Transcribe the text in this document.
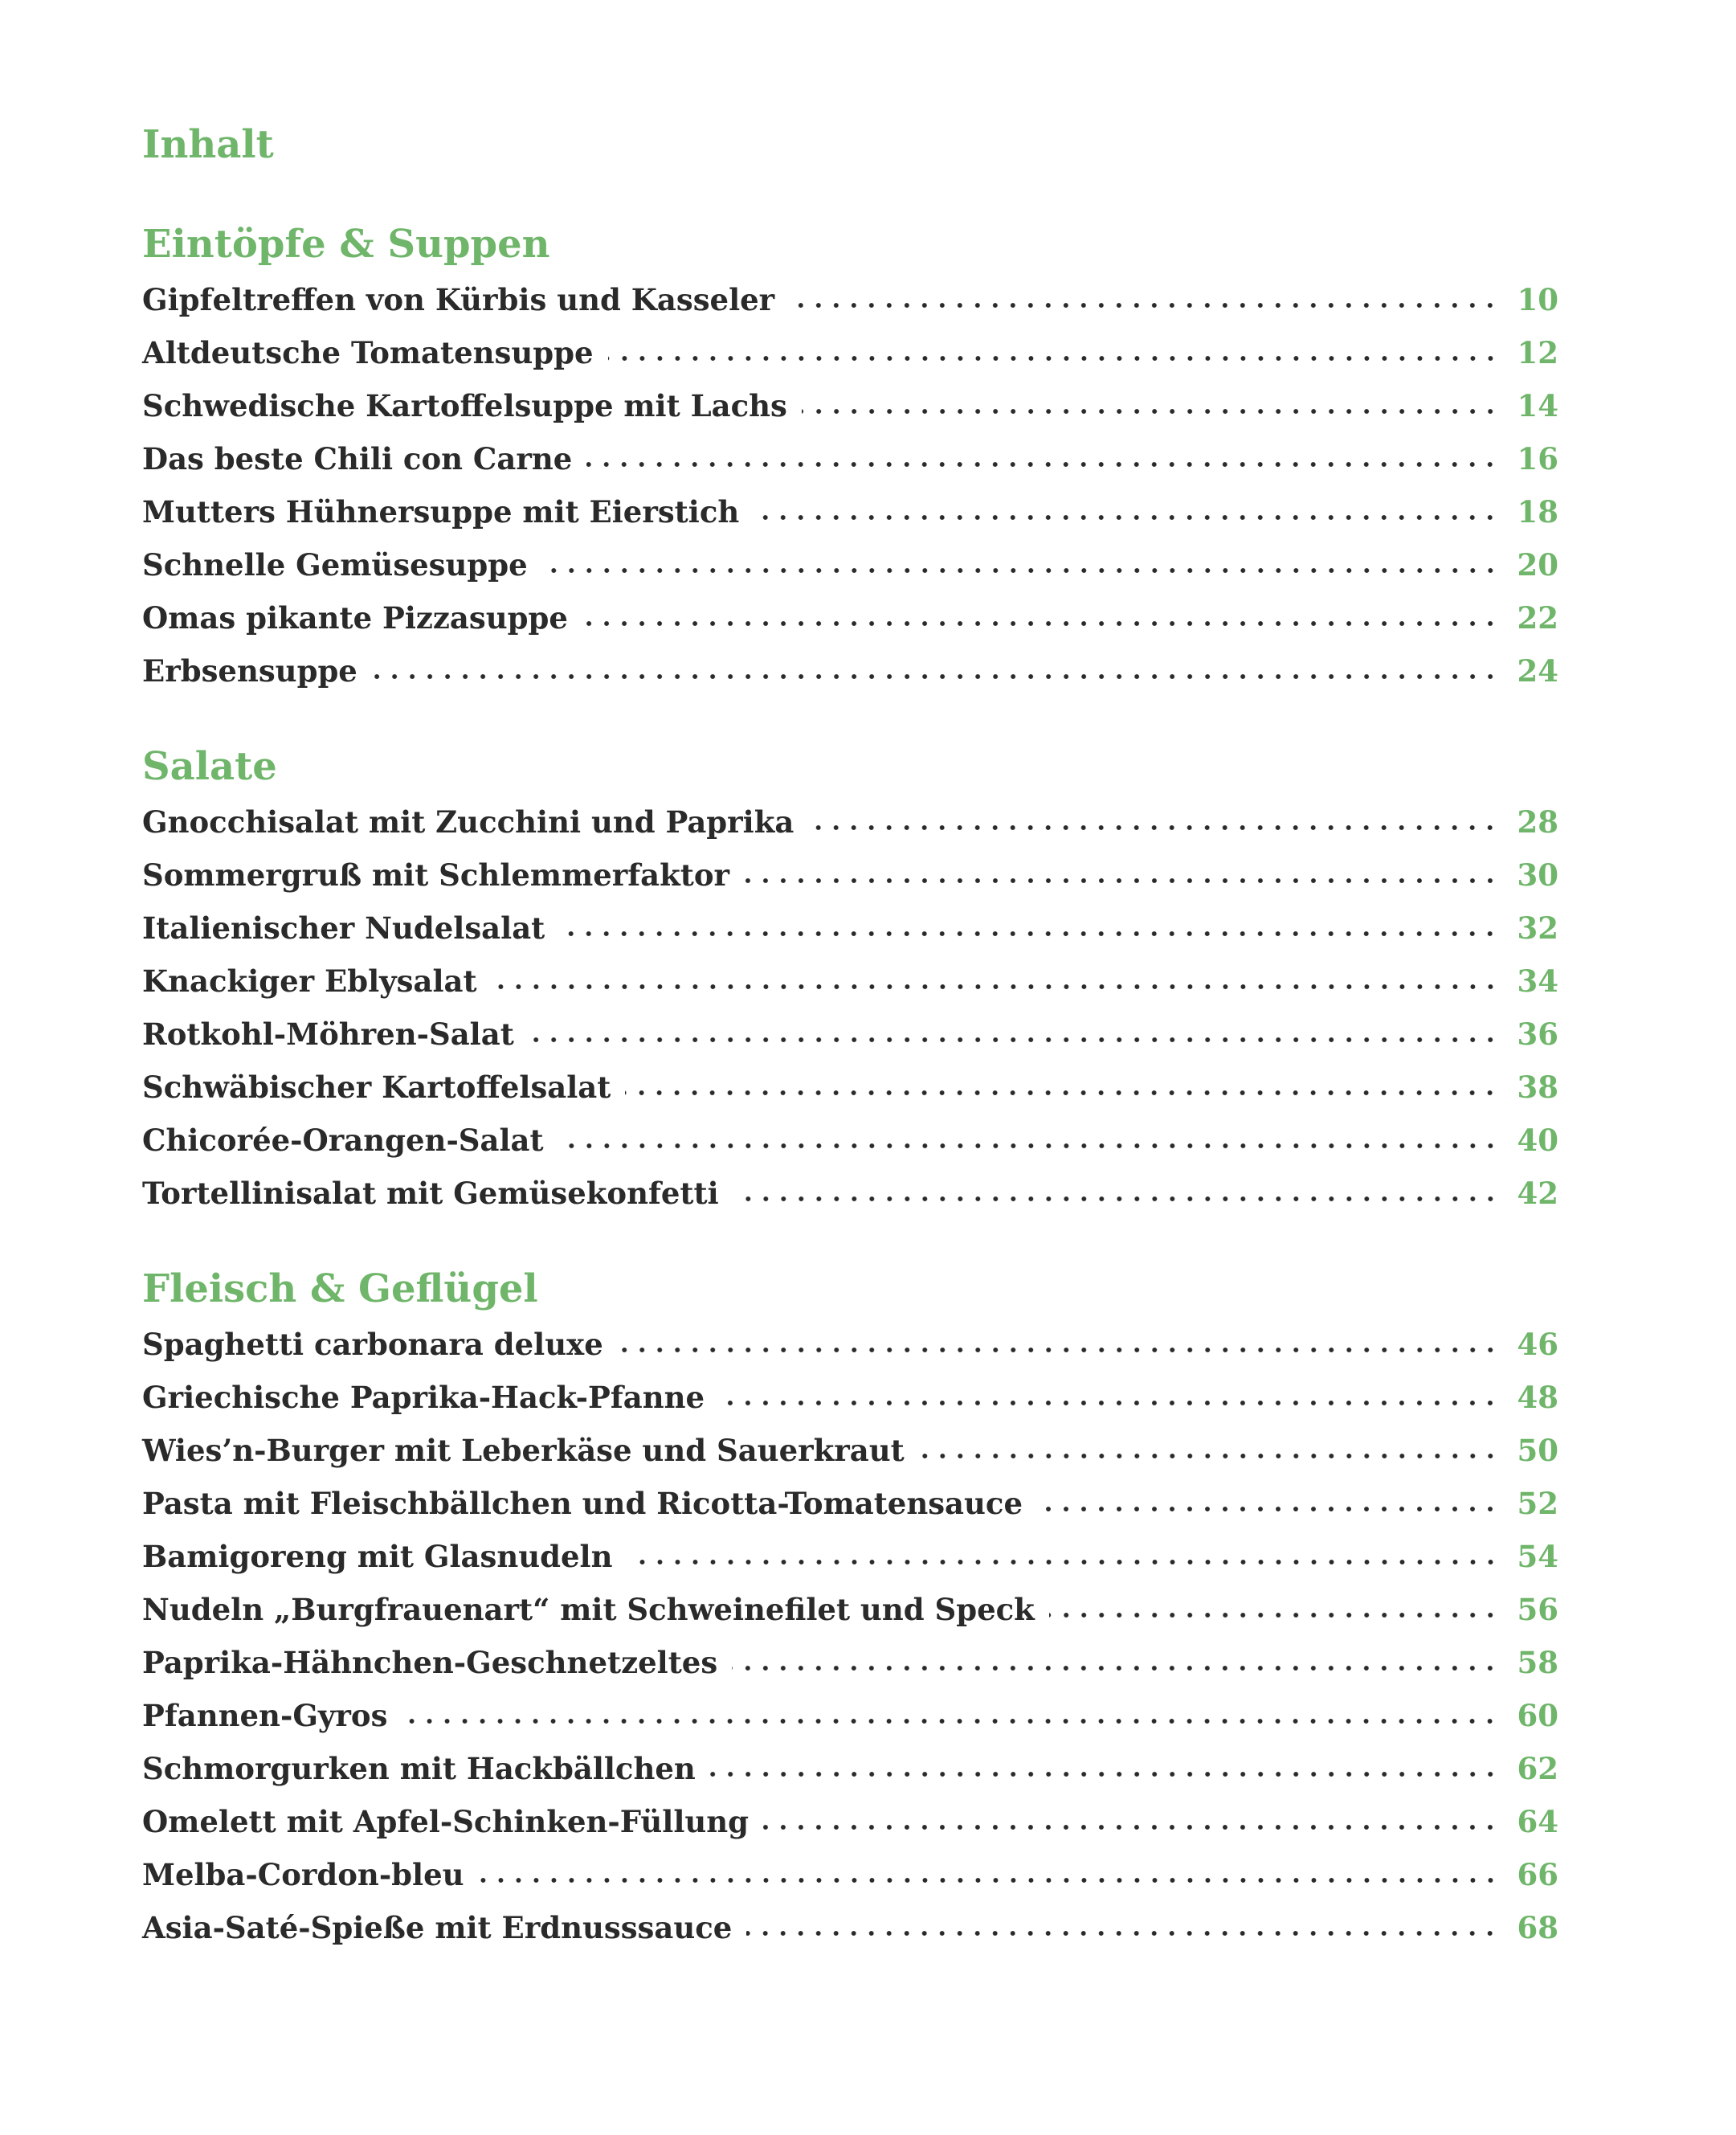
Inhalt
Eintöpfe & Suppen
Gipfeltreffen von Kürbis und Kasseler	10
Altdeutsche Tomatensuppe	12
Schwedische Kartoffelsuppe mit Lachs	14
Das beste Chili con Carne	16
Mutters Hühnersuppe mit Eierstich	18
Schnelle Gemüsesuppe	20
Omas pikante Pizzasuppe	22
Erbsensuppe	24
Salate
Gnocchisalat mit Zucchini und Paprika	28
Sommergruß mit Schlemmerfaktor	30
Italienischer Nudelsalat	32
Knackiger Eblysalat	34
Rotkohl-Möhren-Salat	36
Schwäbischer Kartoffelsalat	38
Chicorée-Orangen-Salat	40
Tortellinisalat mit Gemüsekonfetti	42
Fleisch & Geflügel
Spaghetti carbonara deluxe	46
Griechische Paprika-Hack-Pfanne	48
Wies’n-Burger mit Leberkäse und Sauerkraut	50
Pasta mit Fleischbällchen und Ricotta-Tomatensauce	52
Bamigoreng mit Glasnudeln	54
Nudeln „Burgfrauenart“ mit Schweinefilet und Speck	56
Paprika-Hähnchen-Geschnetzeltes	58
Pfannen-Gyros	60
Schmorgurken mit Hackbällchen	62
Omelett mit Apfel-Schinken-Füllung	64
Melba-Cordon-bleu	66
Asia-Saté-Spieße mit Erdnusssauce	68
